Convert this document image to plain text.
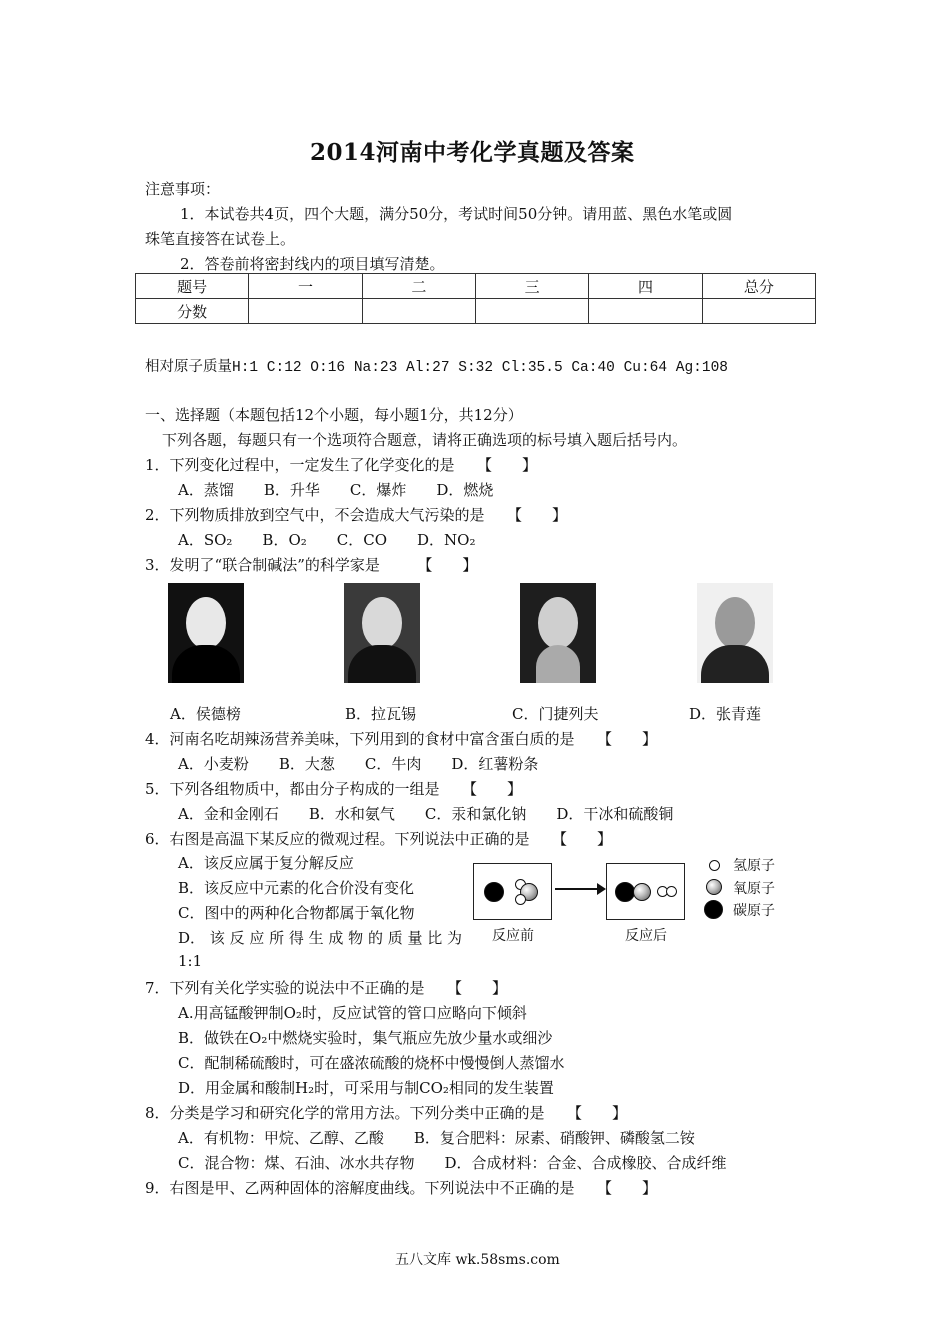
2014河南中考化学真题及答案
注意事项：
1．本试卷共4页，四个大题，满分50分，考试时间50分钟。请用蓝、黑色水笔或圆
珠笔直接答在试卷上。
2．答卷前将密封线内的项目填写清楚。
题号	一	二	三	四	总分
分数					
相对原子质量H:1 C:12 O:16 Na:23 Al:27 S:32 Cl:35.5 Ca:40 Cu:64 Ag:108
一、选择题（本题包括12个小题，每小题1分，共12分）
下列各题，每题只有一个选项符合题意，请将正确选项的标号填入题后括号内。
1．下列变化过程中，一定发生了化学变化的是　　【　　】
A．蒸馏　　B．升华　　C．爆炸　　D．燃烧
2．下列物质排放到空气中，不会造成大气污染的是　　【　　】
A．SO₂　　B．O₂　　C．CO　　D．NO₂
3．发明了“联合制碱法”的科学家是　　　【　　】
A．侯德榜	B．拉瓦锡	C．门捷列夫	D．张青莲
4．河南名吃胡辣汤营养美味，下列用到的食材中富含蛋白质的是　　【　　】
A．小麦粉　　B．大葱　　C．牛肉　　D．红薯粉条
5．下列各组物质中，都由分子构成的一组是　　【　　】
A．金和金刚石　　B．水和氨气　　C．汞和氯化钠　　D．干冰和硫酸铜
6．右图是高温下某反应的微观过程。下列说法中正确的是　　【　　】
A．该反应属于复分解反应
B．该反应中元素的化合价没有变化
C．图中的两种化合物都属于氧化物
D． 该 反 应 所 得 生 成 物 的 质 量 比 为
1:1
反应前	反应后
氢原子
氧原子
碳原子
7．下列有关化学实验的说法中不正确的是　　【　　】
A.用高锰酸钾制O₂时，反应试管的管口应略向下倾斜
B．做铁在O₂中燃烧实验时，集气瓶应先放少量水或细沙
C．配制稀硫酸时，可在盛浓硫酸的烧杯中慢慢倒人蒸馏水
D．用金属和酸制H₂时，可采用与制CO₂相同的发生装置
8．分类是学习和研究化学的常用方法。下列分类中正确的是　　【　　】
A．有机物：甲烷、乙醇、乙酸　　B．复合肥料：尿素、硝酸钾、磷酸氢二铵
C．混合物：煤、石油、冰水共存物　　D．合成材料：合金、合成橡胶、合成纤维
9．右图是甲、乙两种固体的溶解度曲线。下列说法中不正确的是　　【　　】
五八文库 wk.58sms.com
